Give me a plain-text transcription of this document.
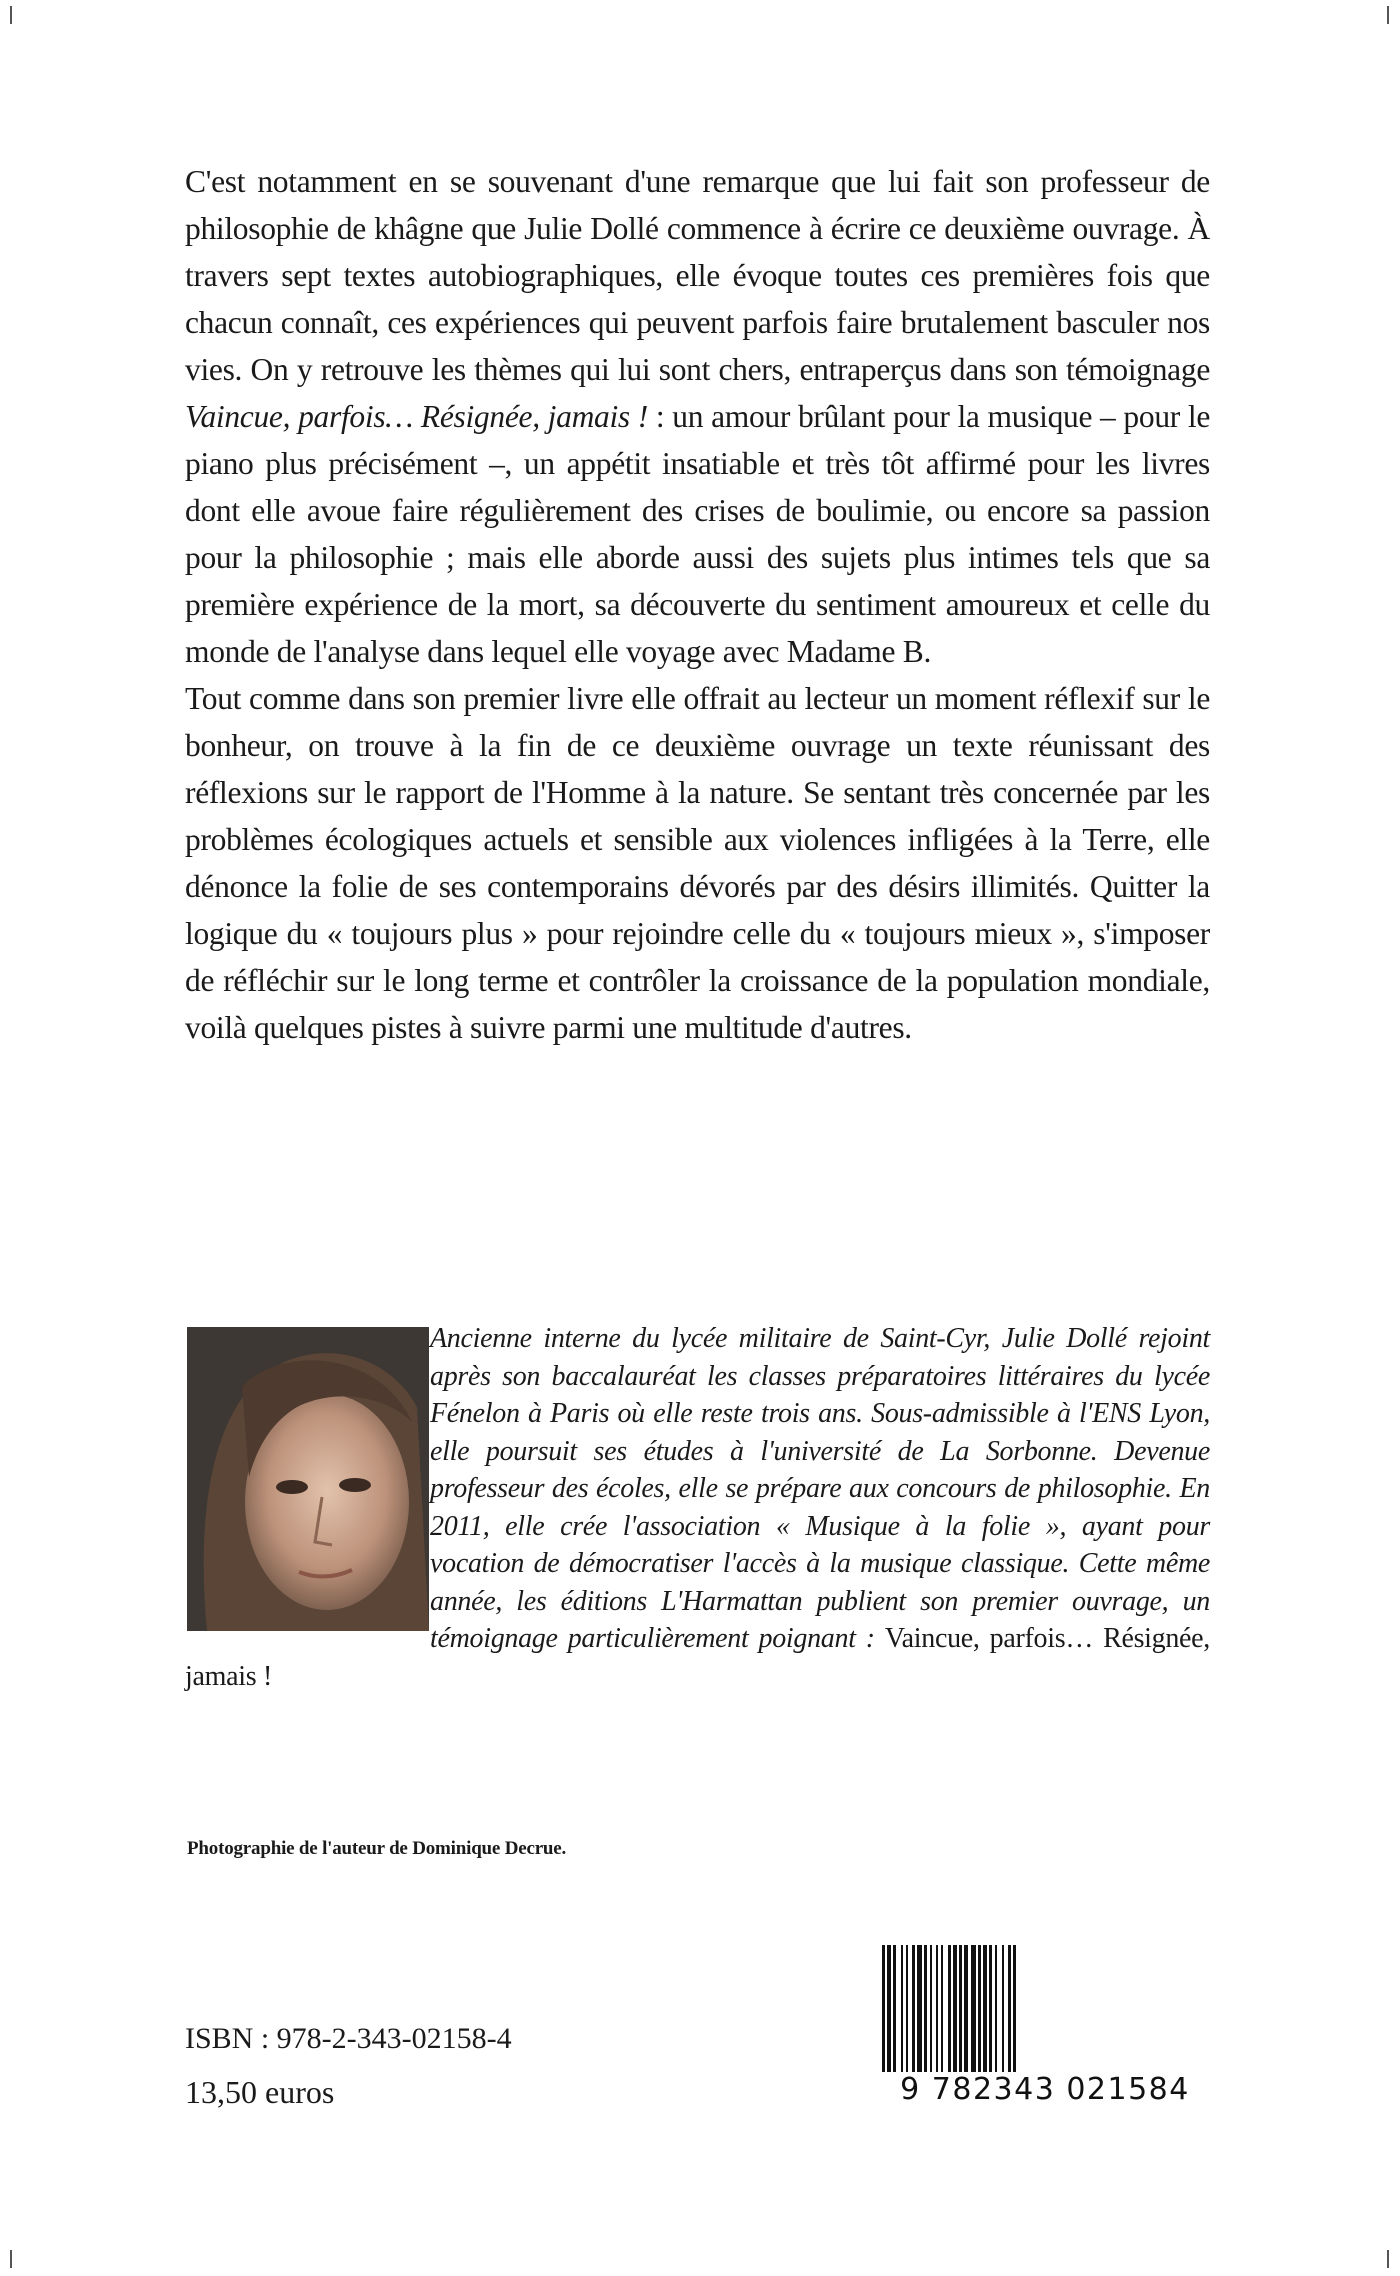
C'est notamment en se souvenant d'une remarque que lui fait son professeur de philosophie de khâgne que Julie Dollé commence à écrire ce deuxième ouvrage. À travers sept textes autobiographiques, elle évoque toutes ces premières fois que chacun connaît, ces expériences qui peuvent parfois faire brutalement basculer nos vies. On y retrouve les thèmes qui lui sont chers, entraperçus dans son témoignage Vaincue, parfois… Résignée, jamais ! : un amour brûlant pour la musique – pour le piano plus précisément –, un appétit insatiable et très tôt affirmé pour les livres dont elle avoue faire régulièrement des crises de boulimie, ou encore sa passion pour la philosophie ; mais elle aborde aussi des sujets plus intimes tels que sa première expérience de la mort, sa découverte du sentiment amoureux et celle du monde de l'analyse dans lequel elle voyage avec Madame B.

Tout comme dans son premier livre elle offrait au lecteur un moment réflexif sur le bonheur, on trouve à la fin de ce deuxième ouvrage un texte réunissant des réflexions sur le rapport de l'Homme à la nature. Se sentant très concernée par les problèmes écologiques actuels et sensible aux violences infligées à la Terre, elle dénonce la folie de ses contemporains dévorés par des désirs illimités. Quitter la logique du « toujours plus » pour rejoindre celle du « toujours mieux », s'imposer de réfléchir sur le long terme et contrôler la croissance de la population mondiale, voilà quelques pistes à suivre parmi une multitude d'autres.

Ancienne interne du lycée militaire de Saint-Cyr, Julie Dollé rejoint après son baccalauréat les classes préparatoires littéraires du lycée Fénelon à Paris où elle reste trois ans. Sous-admissible à l'ENS Lyon, elle poursuit ses études à l'université de La Sorbonne. Devenue professeur des écoles, elle se prépare aux concours de philosophie. En 2011, elle crée l'association « Musique à la folie », ayant pour vocation de démocratiser l'accès à la musique classique. Cette même année, les éditions L'Harmattan publient son premier ouvrage, un témoignage particulièrement poignant : Vaincue, parfois… Résignée, jamais !
Photographie de l'auteur de Dominique Decrue.
ISBN : 978-2-343-02158-4
13,50 euros	9 782343 021584
